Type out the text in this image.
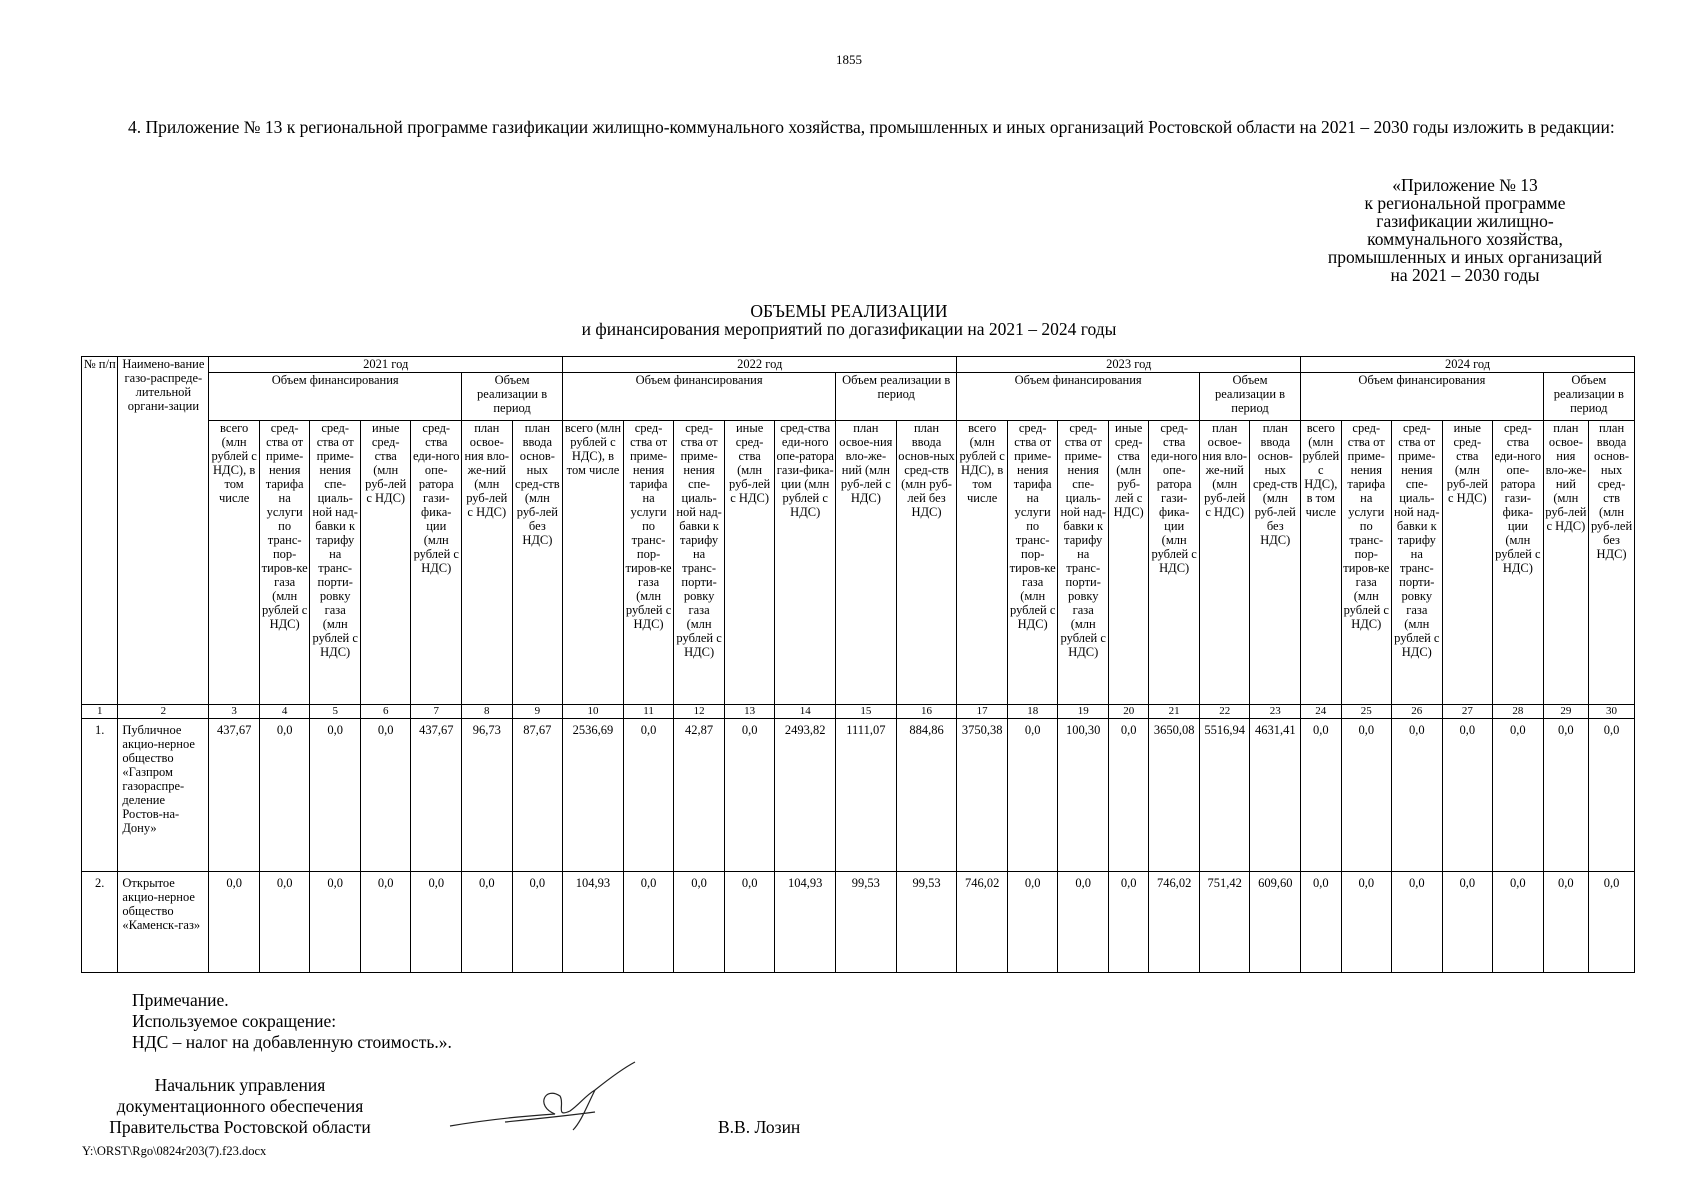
1855
4. Приложение № 13 к региональной программе газификации жилищно-коммунального хозяйства, промышленных и иных организаций Ростовской области на 2021 – 2030 годы изложить в редакции:
«Приложение № 13
к региональной программе
газификации жилищно-
коммунального хозяйства,
промышленных и иных организаций
на 2021 – 2030 годы
ОБЪЕМЫ РЕАЛИЗАЦИИ
и финансирования мероприятий по догазификации на 2021 – 2024 годы
№ п/п	Наимено-вание газо-распреде-лительной органи-зации	2021 год							2022 год							2023 год							2024 год						
		Объем финансирования					Объем реализации в период		Объем финансирования					Объем реализации в период		Объем финансирования					Объем реализации в период		Объем финансирования					Объем реализации в период	
		всего (млн рублей с НДС), в том числе	сред-ства от приме-нения тарифа на услуги по транс-пор-тиров-ке газа (млн рублей с НДС)	сред-ства от приме-нения спе-циаль-ной над-бавки к тарифу на транс-порти-ровку газа (млн рублей с НДС)	иные сред-ства (млн руб-лей с НДС)	сред-ства еди-ного опе-ратора гази-фика-ции (млн рублей с НДС)	план освое-ния вло-же-ний (млн руб-лей с НДС)	план ввода основ-ных сред-ств (млн руб-лей без НДС)	всего (млн рублей с НДС), в том числе	сред-ства от приме-нения тарифа на услуги по транс-пор-тиров-ке газа (млн рублей с НДС)	сред-ства от приме-нения спе-циаль-ной над-бавки к тарифу на транс-порти-ровку газа (млн рублей с НДС)	иные сред-ства (млн руб-лей с НДС)	сред-ства еди-ного опе-ратора гази-фика-ции (млн рублей с НДС)	план освое-ния вло-же-ний (млн руб-лей с НДС)	план ввода основ-ных сред-ств (млн руб-лей без НДС)	всего (млн рублей с НДС), в том числе	сред-ства от приме-нения тарифа на услуги по транс-пор-тиров-ке газа (млн рублей с НДС)	сред-ства от приме-нения спе-циаль-ной над-бавки к тарифу на транс-порти-ровку газа (млн рублей с НДС)	иные сред-ства (млн руб-лей с НДС)	сред-ства еди-ного опе-ратора гази-фика-ции (млн рублей с НДС)	план освое-ния вло-же-ний (млн руб-лей с НДС)	план ввода основ-ных сред-ств (млн руб-лей без НДС)	всего (млн рублей с НДС), в том числе	сред-ства от приме-нения тарифа на услуги по транс-пор-тиров-ке газа (млн рублей с НДС)	сред-ства от приме-нения спе-циаль-ной над-бавки к тарифу на транс-порти-ровку газа (млн рублей с НДС)	иные сред-ства (млн руб-лей с НДС)	сред-ства еди-ного опе-ратора гази-фика-ции (млн рублей с НДС)	план освое-ния вло-же-ний (млн руб-лей с НДС)	план ввода основ-ных сред-ств (млн руб-лей без НДС)
1	2	3	4	5	6	7	8	9	10	11	12	13	14	15	16	17	18	19	20	21	22	23	24	25	26	27	28	29	30
1.	Публичное акцио-нерное общество «Газпром газораспре-деление Ростов-на-Дону»	437,67	0,0	0,0	0,0	437,67	96,73	87,67	2536,69	0,0	42,87	0,0	2493,82	1111,07	884,86	3750,38	0,0	100,30	0,0	3650,08	5516,94	4631,41	0,0	0,0	0,0	0,0	0,0	0,0	0,0
2.	Открытое акцио-нерное общество «Каменск-газ»	0,0	0,0	0,0	0,0	0,0	0,0	0,0	104,93	0,0	0,0	0,0	104,93	99,53	99,53	746,02	0,0	0,0	0,0	746,02	751,42	609,60	0,0	0,0	0,0	0,0	0,0	0,0	0,0
Примечание.
Используемое сокращение:
НДС – налог на добавленную стоимость.».
Начальник управления
документационного обеспечения
Правительства Ростовской области	В.В. Лозин
Y:\ORST\Rgo\0824r203(7).f23.docx
